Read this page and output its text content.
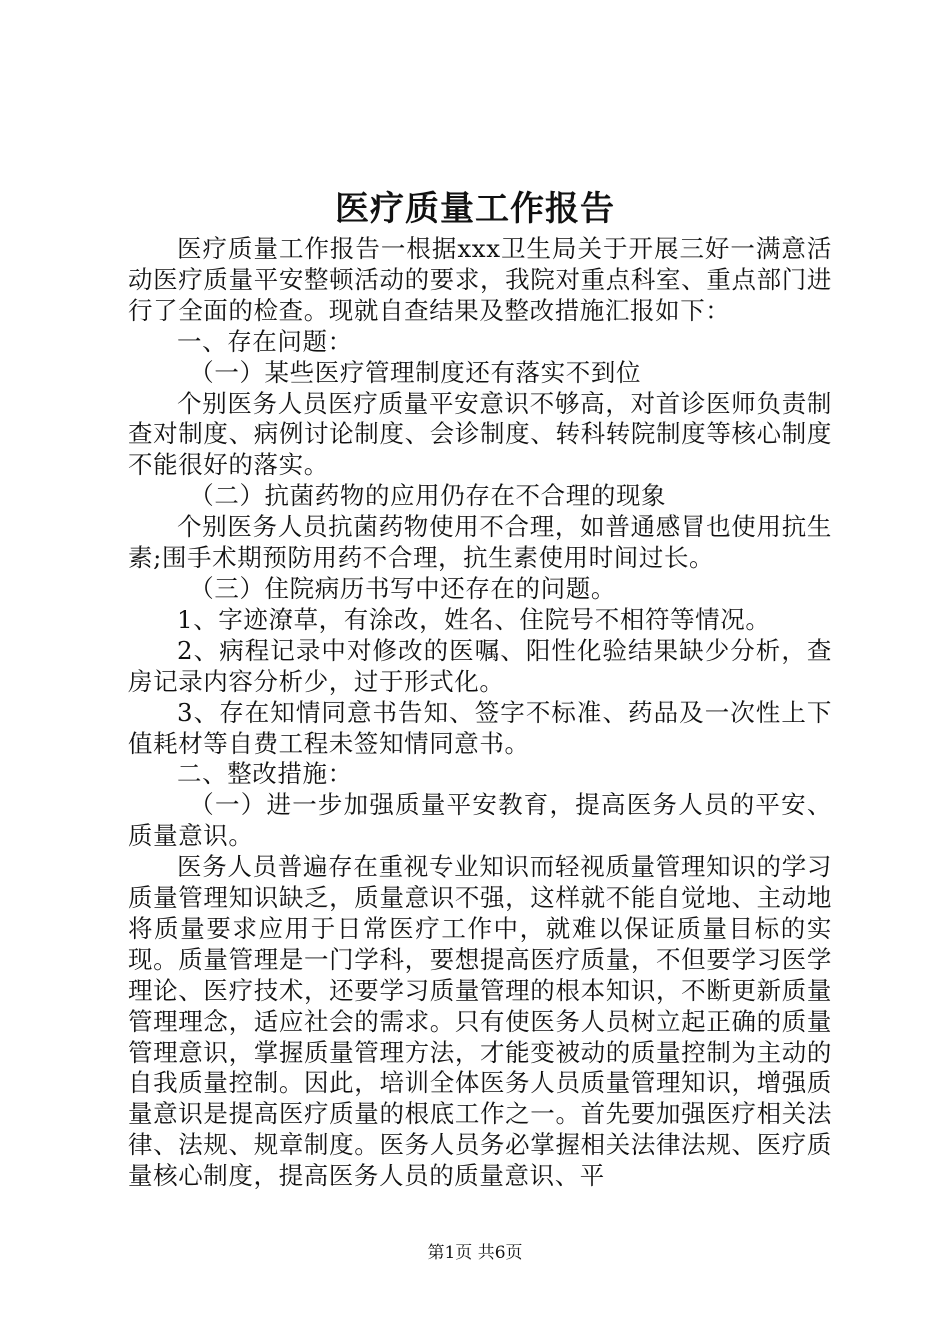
医疗质量工作报告

医疗质量工作报告一根据xxx卫生局关于开展三好一满意活动医疗质量平安整顿活动的要求，我院对重点科室、重点部门进行了全面的检查。现就自查结果及整改措施汇报如下：

一、存在问题：

（一）某些医疗管理制度还有落实不到位

个别医务人员医疗质量平安意识不够高，对首诊医师负责制查对制度、病例讨论制度、会诊制度、转科转院制度等核心制度不能很好的落实。

（二）抗菌药物的应用仍存在不合理的现象

个别医务人员抗菌药物使用不合理，如普通感冒也使用抗生素;围手术期预防用药不合理，抗生素使用时间过长。

（三）住院病历书写中还存在的问题。

1、字迹潦草，有涂改，姓名、住院号不相符等情况。

2、病程记录中对修改的医嘱、阳性化验结果缺少分析，查房记录内容分析少，过于形式化。

3、存在知情同意书告知、签字不标准、药品及一次性上下值耗材等自费工程未签知情同意书。

二、整改措施：

（一）进一步加强质量平安教育，提高医务人员的平安、质量意识。

医务人员普遍存在重视专业知识而轻视质量管理知识的学习质量管理知识缺乏，质量意识不强，这样就不能自觉地、主动地将质量要求应用于日常医疗工作中，就难以保证质量目标的实现。质量管理是一门学科，要想提高医疗质量，不但要学习医学理论、医疗技术，还要学习质量管理的根本知识，不断更新质量管理理念，适应社会的需求。只有使医务人员树立起正确的质量管理意识，掌握质量管理方法，才能变被动的质量控制为主动的自我质量控制。因此，培训全体医务人员质量管理知识，增强质量意识是提高医疗质量的根底工作之一。首先要加强医疗相关法律、法规、规章制度。医务人员务必掌握相关法律法规、医疗质量核心制度，提高医务人员的质量意识、平

第1页 共6页
